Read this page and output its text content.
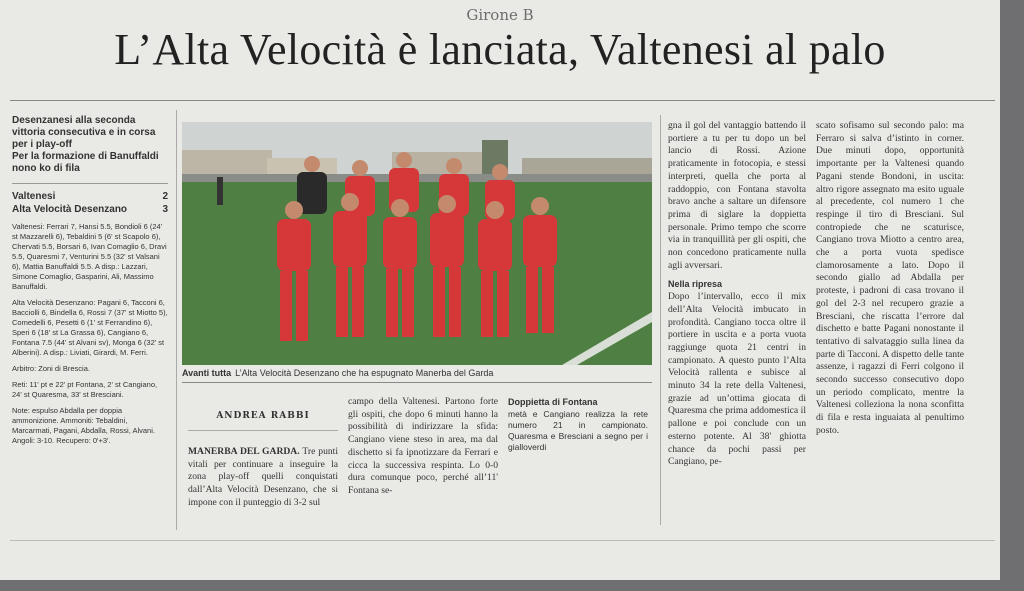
Girone B
L’Alta Velocità è lanciata, Valtenesi al palo
Desenzanesi alla seconda vittoria consecutiva e in corsa per i play-off
Per la formazione di Banuffaldi nono ko di fila
Valtenesi	2
Alta Velocità Desenzano	3
Valtenesi: Ferrari 7, Hansi 5.5, Bondioli 6 (24' st Mazzarelli 6), Tebaldini 5 (6' st Scapolo 6), Chervati 5.5, Borsari 6, Ivan Comaglio 6, Dravi 5.5, Quaresmi 7, Venturini 5.5 (32' st Valsani 6), Mattia Banuffaldi 5.5. A disp.: Lazzari, Simone Comaglio, Gasparini, Ali, Massimo Banuffaldi.
Alta Velocità Desenzano: Pagani 6, Tacconi 6, Bacciolli 6, Bindella 6, Rossi 7 (37' st Miotto 5), Comedelli 6, Pesetti 6 (1' st Ferrandino 6), Speri 6 (18' st La Grassa 6), Cangiano 6, Fontana 7.5 (44' st Alvani sv), Monga 6 (32' st Alberini). A disp.: Liviati, Girardi, M. Ferri.
Arbitro: Zoni di Brescia.
Reti: 11' pt e 22' pt Fontana, 2' st Cangiano, 24' st Quaresma, 33' st Bresciani.
Note: espulso Abdalla per doppia ammonizione. Ammoniti: Tebaldini, Marcarmati, Pagani, Abdalla, Rossi, Alvani. Angoli: 3-10. Recupero: 0'+3'.
Avanti tutta L’Alta Velocità Desenzano che ha espugnato Manerba del Garda
ANDREA RABBI
MANERBA DEL GARDA. Tre punti vitali per continuare a inseguire la zona play-off quelli conquistati dall’Alta Velocità Desenzano, che si impone con il punteggio di 3-2 sul
campo della Valtenesi. Partono forte gli ospiti, che dopo 6 minuti hanno la possibilità di indirizzare la sfida: Cangiano viene steso in area, ma dal dischetto si fa ipnotizzare da Ferrari e cicca la successiva respinta. Lo 0-0 dura comunque poco, perché all’11' Fontana se-
Doppietta di Fontana
metà e Cangiano realizza la rete numero 21 in campionato. Quaresma e Bresciani a segno per i gialloverdi
gna il gol del vantaggio battendo il portiere a tu per tu dopo un bel lancio di Rossi. Azione praticamente in fotocopia, e stessi interpreti, quella che porta al raddoppio, con Fontana stavolta bravo anche a saltare un difensore prima di siglare la doppietta personale. Primo tempo che scorre via in tranquillità per gli ospiti, che non concedono praticamente nulla agli avversari.
Nella ripresa
Dopo l’intervallo, ecco il mix dell’Alta Velocità imbucato in profondità. Cangiano tocca oltre il portiere in uscita e a porta vuota raggiunge quota 21 centri in campionato. A questo punto l’Alta Velocità rallenta e subisce al minuto 34 la rete della Valtenesi, grazie ad un’ottima giocata di Quaresma che prima addomestica il pallone e poi conclude con un esterno potente. Al 38' ghiotta chance da pochi passi per Cangiano, pe-
scato sofisamo sul secondo palo: ma Ferraro si salva d’istinto in corner. Due minuti dopo, opportunità importante per la Valtenesi quando Pagani stende Bondoni, in uscita: altro rigore assegnato ma esito uguale al precedente, col numero 1 che respinge il tiro di Bresciani. Sul contropiede che ne scaturisce, Cangiano trova Miotto a centro area, che a porta vuota spedisce clamorosamente a lato. Dopo il secondo giallo ad Abdalla per proteste, i padroni di casa trovano il gol del 2-3 nel recupero grazie a Bresciani, che riscatta l’errore dal dischetto e batte Pagani nonostante il tentativo di salvataggio sulla linea da parte di Tacconi. A dispetto delle tante assenze, i ragazzi di Ferri colgono il secondo successo consecutivo dopo un periodo complicato, mentre la Valtenesi colleziona la nona sconfitta di fila e resta inguaiata al penultimo posto.
